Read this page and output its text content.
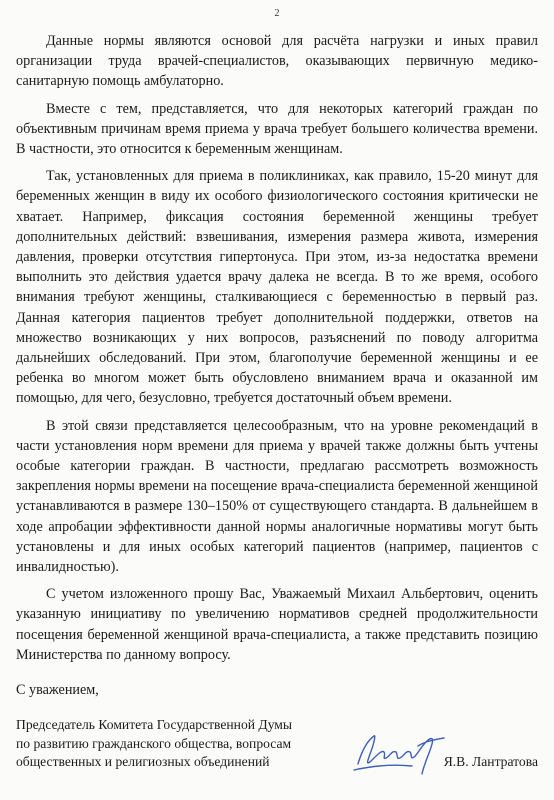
2

Данные нормы являются основой для расчёта нагрузки и иных правил организации труда врачей-специалистов, оказывающих первичную медико-санитарную помощь амбулаторно.

Вместе с тем, представляется, что для некоторых категорий граждан по объективным причинам время приема у врача требует большего количества времени. В частности, это относится к беременным женщинам.

Так, установленных для приема в поликлиниках, как правило, 15-20 минут для беременных женщин в виду их особого физиологического состояния критически не хватает. Например, фиксация состояния беременной женщины требует дополнительных действий: взвешивания, измерения размера живота, измерения давления, проверки отсутствия гипертонуса. При этом, из-за недостатка времени выполнить это действия удается врачу далека не всегда. В то же время, особого внимания требуют женщины, сталкивающиеся с беременностью в первый раз. Данная категория пациентов требует дополнительной поддержки, ответов на множество возникающих у них вопросов, разъяснений по поводу алгоритма дальнейших обследований. При этом, благополучие беременной женщины и ее ребенка во многом может быть обусловлено вниманием врача и оказанной им помощью, для чего, безусловно, требуется достаточный объем времени.

В этой связи представляется целесообразным, что на уровне рекомендаций в части установления норм времени для приема у врачей также должны быть учтены особые категории граждан. В частности, предлагаю рассмотреть возможность закрепления нормы времени на посещение врача-специалиста беременной женщиной устанавливаются в размере 130–150% от существующего стандарта. В дальнейшем в ходе апробации эффективности данной нормы аналогичные нормативы могут быть установлены и для иных особых категорий пациентов (например, пациентов с инвалидностью).

С учетом изложенного прошу Вас, Уважаемый Михаил Альбертович, оценить указанную инициативу по увеличению нормативов средней продолжительности посещения беременной женщиной врача-специалиста, а также представить позицию Министерства по данному вопросу.

С уважением,
Председатель Комитета Государственной Думы
по развитию гражданского общества, вопросам
общественных и религиозных объединений	Я.В. Лантратова
